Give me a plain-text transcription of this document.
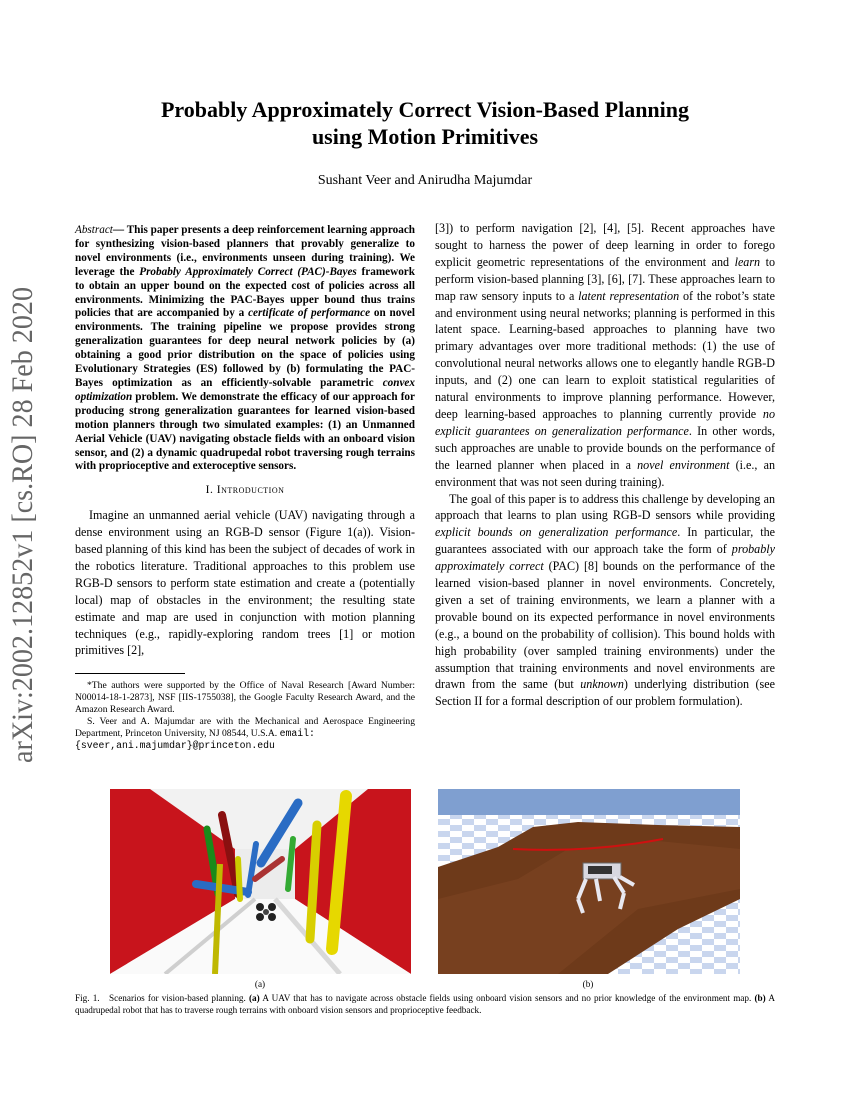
arXiv:2002.12852v1 [cs.RO] 28 Feb 2020
Probably Approximately Correct Vision-Based Planning
using Motion Primitives
Sushant Veer and Anirudha Majumdar

Abstract— This paper presents a deep reinforcement learning approach for synthesizing vision-based planners that provably generalize to novel environments (i.e., environments unseen during training). We leverage the Probably Approximately Correct (PAC)-Bayes framework to obtain an upper bound on the expected cost of policies across all environments. Minimizing the PAC-Bayes upper bound thus trains policies that are accompanied by a certificate of performance on novel environments. The training pipeline we propose provides strong generalization guarantees for deep neural network policies by (a) obtaining a good prior distribution on the space of policies using Evolutionary Strategies (ES) followed by (b) formulating the PAC-Bayes optimization as an efficiently-solvable parametric convex optimization problem. We demonstrate the efficacy of our approach for producing strong generalization guarantees for learned vision-based motion planners through two simulated examples: (1) an Unmanned Aerial Vehicle (UAV) navigating obstacle fields with an onboard vision sensor, and (2) a dynamic quadrupedal robot traversing rough terrains with proprioceptive and exteroceptive sensors.

I. Introduction

Imagine an unmanned aerial vehicle (UAV) navigating through a dense environment using an RGB-D sensor (Figure 1(a)). Vision-based planning of this kind has been the subject of decades of work in the robotics literature. Traditional approaches to this problem use RGB-D sensors to perform state estimation and create a (potentially local) map of obstacles in the environment; the resulting state estimate and map are used in conjunction with motion planning techniques (e.g., rapidly-exploring random trees [1] or motion primitives [2],

*The authors were supported by the Office of Naval Research [Award Number: N00014-18-1-2873], NSF [IIS-1755038], the Google Faculty Research Award, and the Amazon Research Award.

S. Veer and A. Majumdar are with the Mechanical and Aerospace Engineering Department, Princeton University, NJ 08544, U.S.A. email:
{sveer,ani.majumdar}@princeton.edu

[3]) to perform navigation [2], [4], [5]. Recent approaches have sought to harness the power of deep learning in order to forego explicit geometric representations of the environment and learn to perform vision-based planning [3], [6], [7]. These approaches learn to map raw sensory inputs to a latent representation of the robot’s state and environment using neural networks; planning is performed in this latent space. Learning-based approaches to planning have two primary advantages over more traditional methods: (1) the use of convolutional neural networks allows one to elegantly handle RGB-D inputs, and (2) one can learn to exploit statistical regularities of natural environments to improve planning performance. However, deep learning-based approaches to planning currently provide no explicit guarantees on generalization performance. In other words, such approaches are unable to provide bounds on the performance of the learned planner when placed in a novel environment (i.e., an environment that was not seen during training).

The goal of this paper is to address this challenge by developing an approach that learns to plan using RGB-D sensors while providing explicit bounds on generalization performance. In particular, the guarantees associated with our approach take the form of probably approximately correct (PAC) [8] bounds on the performance of the learned vision-based planner in novel environments. Concretely, given a set of training environments, we learn a planner with a provable bound on its expected performance in novel environments (e.g., a bound on the probability of collision). This bound holds with high probability (over sampled training environments) under the assumption that training environments and novel environments are drawn from the same (but unknown) underlying distribution (see Section II for a formal description of our problem formulation).

(a)	(b)
Fig. 1.   Scenarios for vision-based planning. (a) A UAV that has to navigate across obstacle fields using onboard vision sensors and no prior knowledge of the environment map. (b) A quadrupedal robot that has to traverse rough terrains with onboard vision sensors and proprioceptive feedback.
